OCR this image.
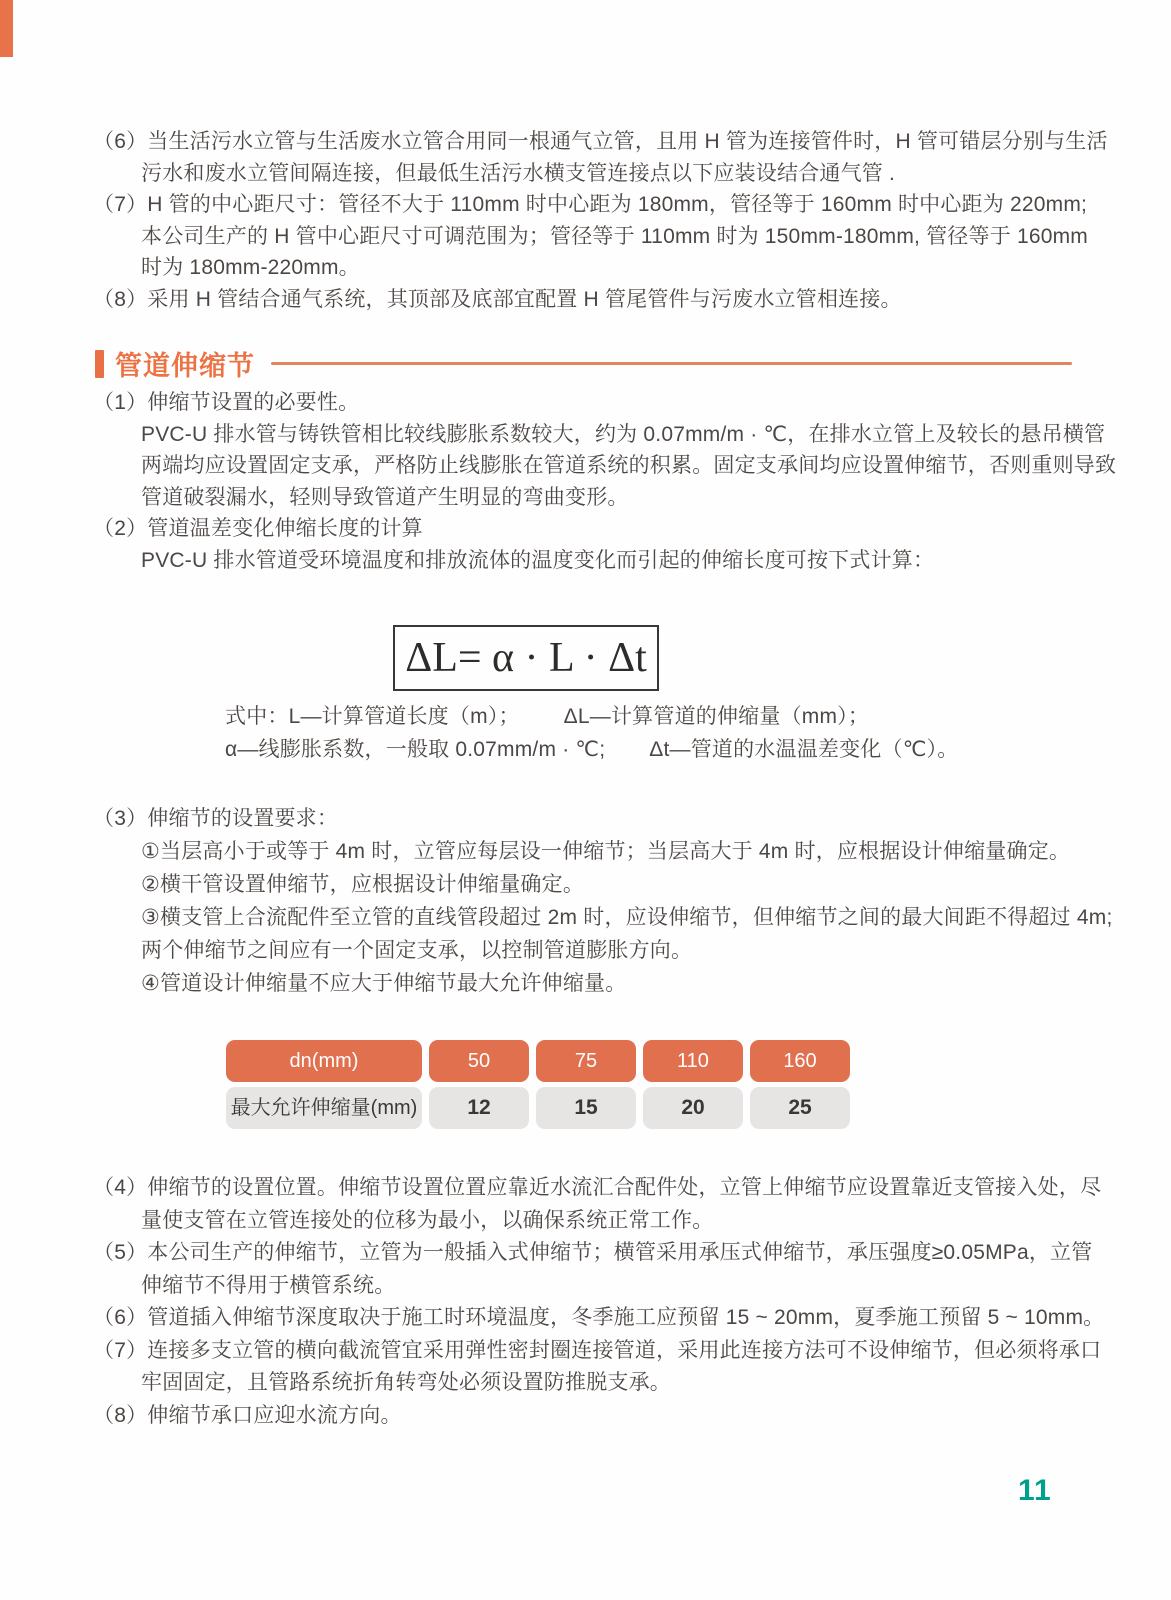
（6）当生活污水立管与生活废水立管合用同一根通气立管，且用 H 管为连接管件时，H 管可错层分别与生活
污水和废水立管间隔连接，但最低生活污水横支管连接点以下应装设结合通气管 .
（7）H 管的中心距尺寸：管径不大于 110mm 时中心距为 180mm，管径等于 160mm 时中心距为 220mm;
本公司生产的 H 管中心距尺寸可调范围为；管径等于 110mm 时为 150mm-180mm, 管径等于 160mm
时为 180mm-220mm。
（8）采用 H 管结合通气系统，其顶部及底部宜配置 H 管尾管件与污废水立管相连接。
管道伸缩节
（1）伸缩节设置的必要性。
PVC-U 排水管与铸铁管相比较线膨胀系数较大，约为 0.07mm/m · ℃，在排水立管上及较长的悬吊横管
两端均应设置固定支承，严格防止线膨胀在管道系统的积累。固定支承间均应设置伸缩节，否则重则导致
管道破裂漏水，轻则导致管道产生明显的弯曲变形。
（2）管道温差变化伸缩长度的计算
PVC-U 排水管道受环境温度和排放流体的温度变化而引起的伸缩长度可按下式计算：
ΔL= α · L · Δt
式中：L—计算管道长度（m）； ΔL—计算管道的伸缩量（mm）；
α—线膨胀系数，一般取 0.07mm/m · ℃; Δt—管道的水温温差变化（℃）。
（3）伸缩节的设置要求：
①当层高小于或等于 4m 时，立管应每层设一伸缩节；当层高大于 4m 时，应根据设计伸缩量确定。
②横干管设置伸缩节，应根据设计伸缩量确定。
③横支管上合流配件至立管的直线管段超过 2m 时，应设伸缩节，但伸缩节之间的最大间距不得超过 4m;
两个伸缩节之间应有一个固定支承，以控制管道膨胀方向。
④管道设计伸缩量不应大于伸缩节最大允许伸缩量。
dn(mm)	50	75	110	160
最大允许伸缩量(mm)	12	15	20	25
（4）伸缩节的设置位置。伸缩节设置位置应靠近水流汇合配件处，立管上伸缩节应设置靠近支管接入处，尽
量使支管在立管连接处的位移为最小，以确保系统正常工作。
（5）本公司生产的伸缩节，立管为一般插入式伸缩节；横管采用承压式伸缩节，承压强度≥0.05MPa，立管
伸缩节不得用于横管系统。
（6）管道插入伸缩节深度取决于施工时环境温度，冬季施工应预留 15 ~ 20mm，夏季施工预留 5 ~ 10mm。
（7）连接多支立管的横向截流管宜采用弹性密封圈连接管道，采用此连接方法可不设伸缩节，但必须将承口
牢固固定，且管路系统折角转弯处必须设置防推脱支承。
（8）伸缩节承口应迎水流方向。
11
